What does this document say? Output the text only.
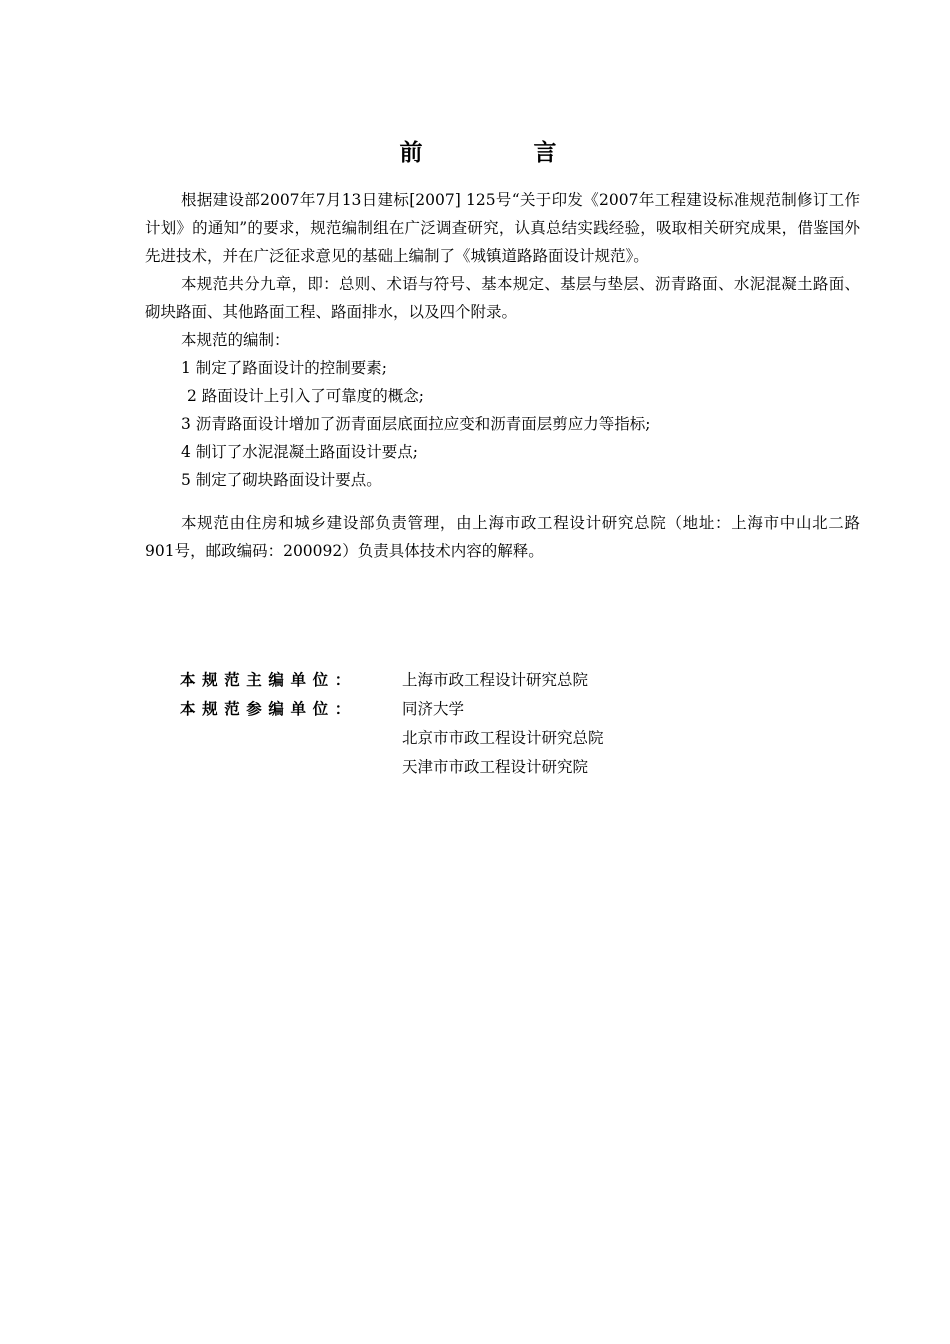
前　言

根据建设部2007年7月13日建标[2007] 125号“关于印发《2007年工程建设标准规范制修订工作计划》的通知”的要求，规范编制组在广泛调查研究，认真总结实践经验，吸取相关研究成果，借鉴国外先进技术，并在广泛征求意见的基础上编制了《城镇道路路面设计规范》。

本规范共分九章，即：总则、术语与符号、基本规定、基层与垫层、沥青路面、水泥混凝土路面、砌块路面、其他路面工程、路面排水，以及四个附录。

本规范的编制：

1 制定了路面设计的控制要素;

2 路面设计上引入了可靠度的概念;

3 沥青路面设计增加了沥青面层底面拉应变和沥青面层剪应力等指标;

4 制订了水泥混凝土路面设计要点;

5 制定了砌块路面设计要点。

本规范由住房和城乡建设部负责管理，由上海市政工程设计研究总院（地址：上海市中山北二路901号，邮政编码：200092）负责具体技术内容的解释。

本规范主编单位：	上海市政工程设计研究总院
本规范参编单位：	同济大学
北京市市政工程设计研究总院
天津市市政工程设计研究院
